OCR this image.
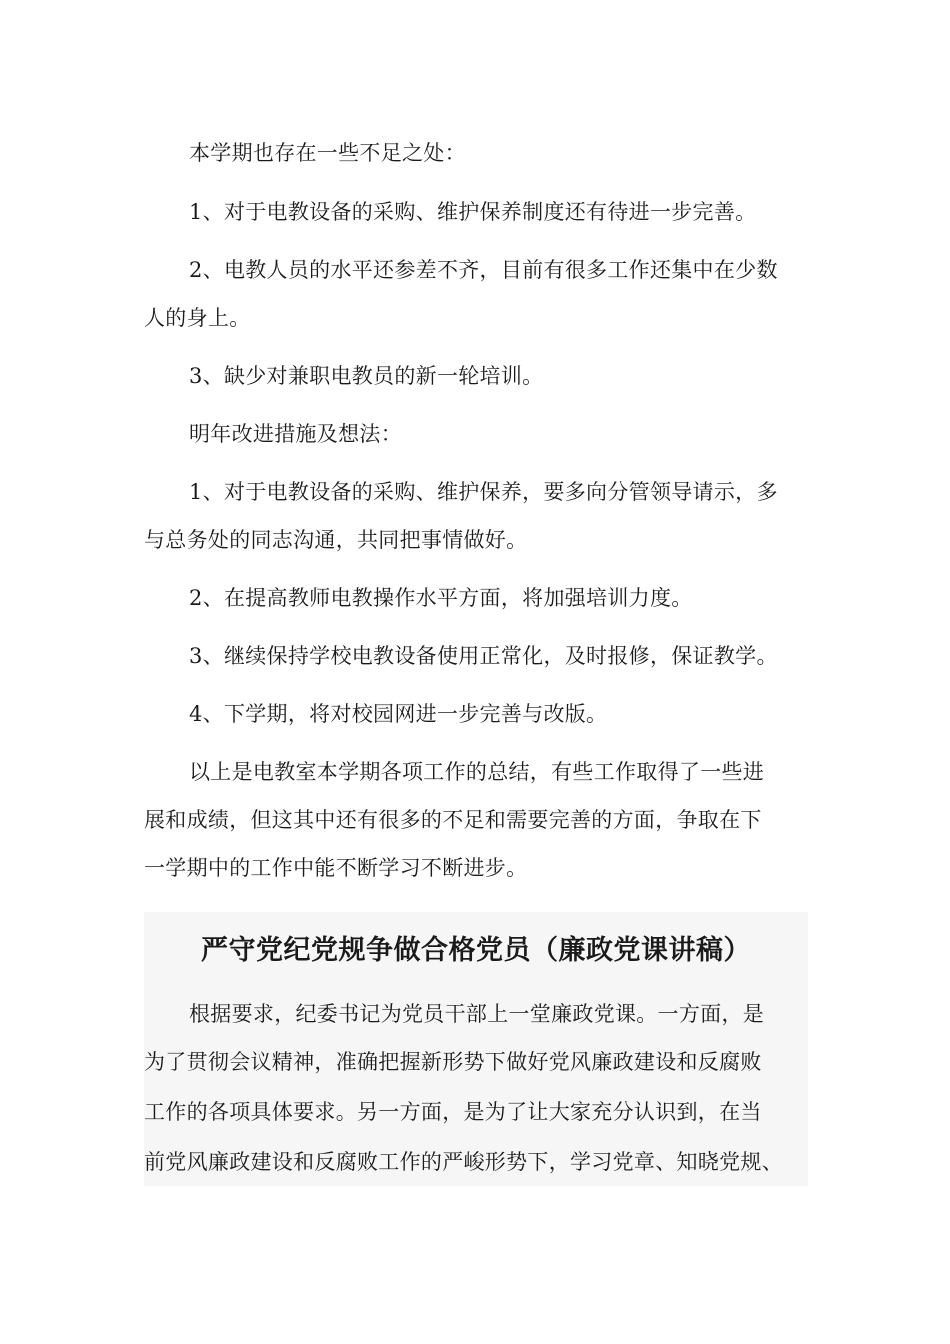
本学期也存在一些不足之处：
1、对于电教设备的采购、维护保养制度还有待进一步完善。
2、电教人员的水平还参差不齐，目前有很多工作还集中在少数
人的身上。
3、缺少对兼职电教员的新一轮培训。
明年改进措施及想法：
1、对于电教设备的采购、维护保养，要多向分管领导请示，多
与总务处的同志沟通，共同把事情做好。
2、在提高教师电教操作水平方面，将加强培训力度。
3、继续保持学校电教设备使用正常化，及时报修，保证教学。
4、下学期，将对校园网进一步完善与改版。
以上是电教室本学期各项工作的总结，有些工作取得了一些进
展和成绩，但这其中还有很多的不足和需要完善的方面，争取在下
一学期中的工作中能不断学习不断进步。
严守党纪党规争做合格党员（廉政党课讲稿）
根据要求，纪委书记为党员干部上一堂廉政党课。一方面，是
为了贯彻会议精神，准确把握新形势下做好党风廉政建设和反腐败
工作的各项具体要求。另一方面，是为了让大家充分认识到，在当
前党风廉政建设和反腐败工作的严峻形势下，学习党章、知晓党规、
